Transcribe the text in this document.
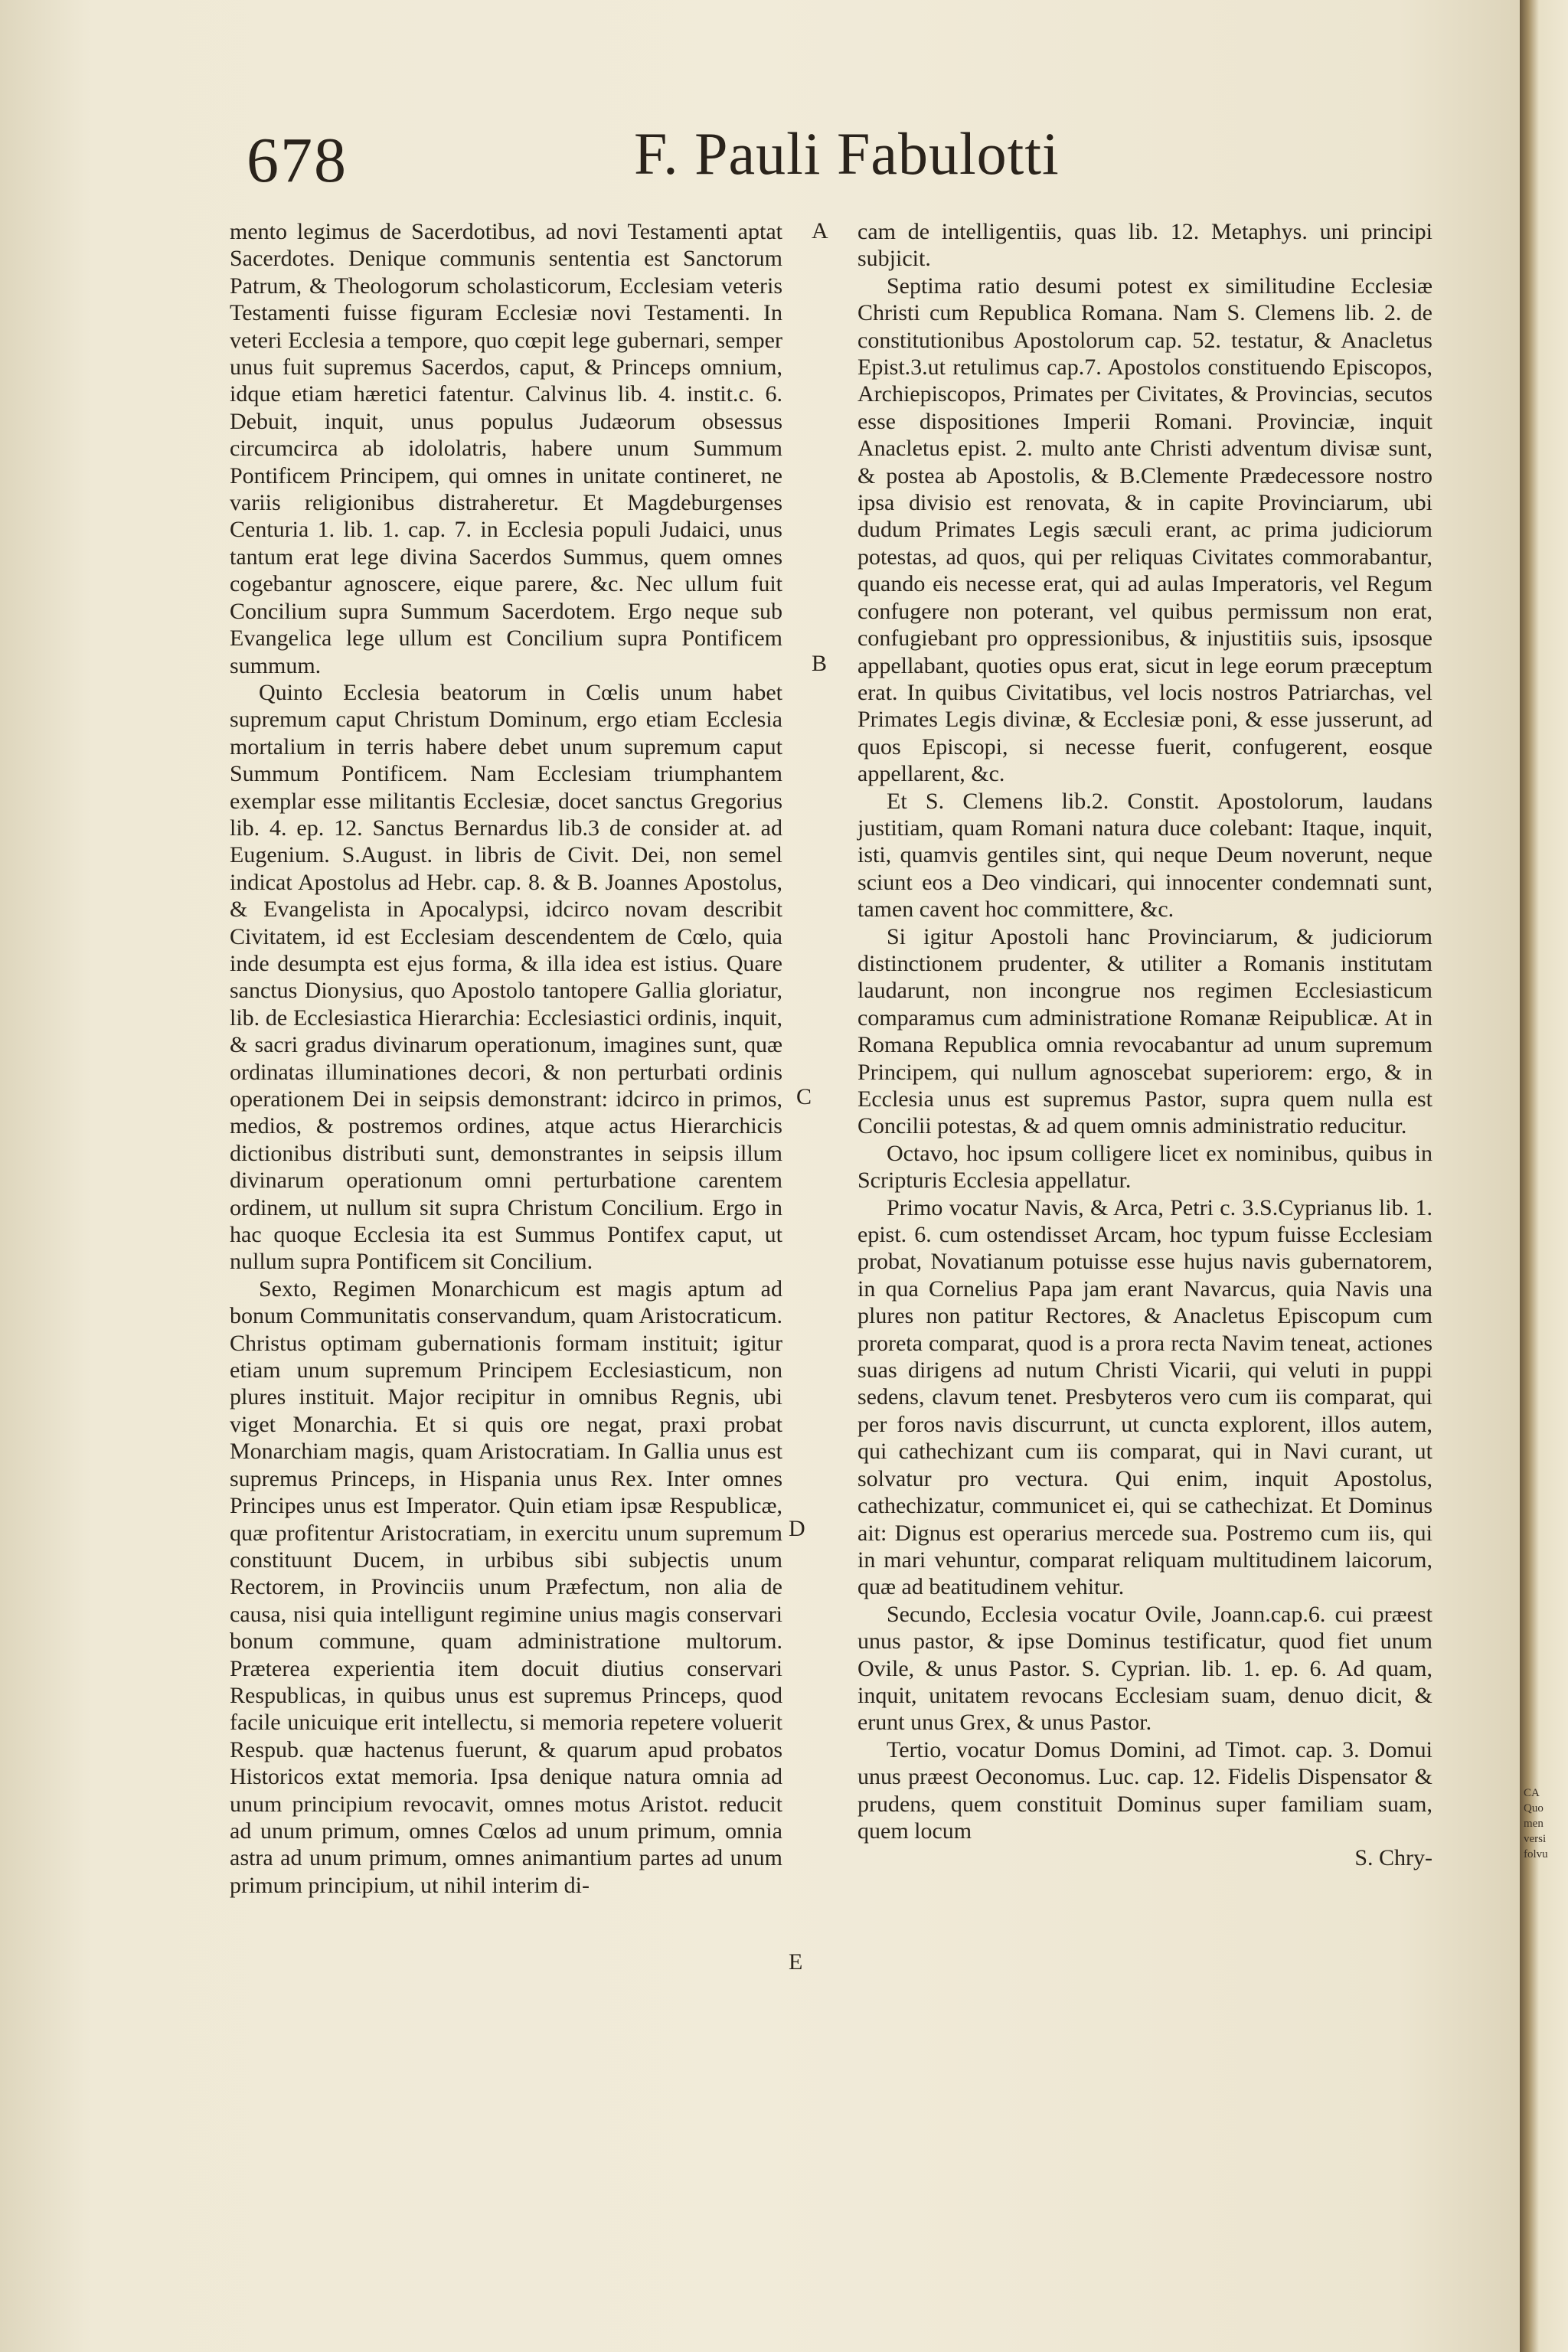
678	F. Pauli Fabulotti

mento legimus de Sacerdotibus, ad novi Testamenti aptat Sacerdotes. Denique communis sententia est Sanctorum Patrum, & Theologorum scholasticorum, Ecclesiam veteris Testamenti fuisse figuram Ecclesiæ novi Testamenti. In veteri Ecclesia a tempore, quo cœpit lege gubernari, semper unus fuit supremus Sacerdos, caput, & Princeps omnium, idque etiam hæretici fatentur. Calvinus lib. 4. instit.c. 6. Debuit, inquit, unus populus Judæorum obsessus circumcirca ab idololatris, habere unum Summum Pontificem Principem, qui omnes in unitate contineret, ne variis religionibus distraheretur. Et Magdeburgenses Centuria 1. lib. 1. cap. 7. in Ecclesia populi Judaici, unus tantum erat lege divina Sacerdos Summus, quem omnes cogebantur agnoscere, eique parere, &c. Nec ullum fuit Concilium supra Summum Sacerdotem. Ergo neque sub Evangelica lege ullum est Concilium supra Pontificem summum.

Quinto Ecclesia beatorum in Cœlis unum habet supremum caput Christum Dominum, ergo etiam Ecclesia mortalium in terris habere debet unum supremum caput Summum Pontificem. Nam Ecclesiam triumphantem exemplar esse militantis Ecclesiæ, docet sanctus Gregorius lib. 4. ep. 12. Sanctus Bernardus lib.3 de consider at. ad Eugenium. S.August. in libris de Civit. Dei, non semel indicat Apostolus ad Hebr. cap. 8. & B. Joannes Apostolus, & Evangelista in Apocalypsi, idcirco novam describit Civitatem, id est Ecclesiam descendentem de Cœlo, quia inde desumpta est ejus forma, & illa idea est istius. Quare sanctus Dionysius, quo Apostolo tantopere Gallia gloriatur, lib. de Ecclesiastica Hierarchia: Ecclesiastici ordinis, inquit, & sacri gradus divinarum operationum, imagines sunt, quæ ordinatas illuminationes decori, & non perturbati ordinis operationem Dei in seipsis demonstrant: idcirco in primos, medios, & postremos ordines, atque actus Hierarchicis dictionibus distributi sunt, demonstrantes in seipsis illum divinarum operationum omni perturbatione carentem ordinem, ut nullum sit supra Christum Concilium. Ergo in hac quoque Ecclesia ita est Summus Pontifex caput, ut nullum supra Pontificem sit Concilium.

Sexto, Regimen Monarchicum est magis aptum ad bonum Communitatis conservandum, quam Aristocraticum. Christus optimam gubernationis formam instituit; igitur etiam unum supremum Principem Ecclesiasticum, non plures instituit. Major recipitur in omnibus Regnis, ubi viget Monarchia. Et si quis ore negat, praxi probat Monarchiam magis, quam Aristocratiam. In Gallia unus est supremus Princeps, in Hispania unus Rex. Inter omnes Principes unus est Imperator. Quin etiam ipsæ Respublicæ, quæ profitentur Aristocratiam, in exercitu unum supremum constituunt Ducem, in urbibus sibi subjectis unum Rectorem, in Provinciis unum Præfectum, non alia de causa, nisi quia intelligunt regimine unius magis conservari bonum commune, quam administratione multorum. Præterea experientia item docuit diutius conservari Respublicas, in quibus unus est supremus Princeps, quod facile unicuique erit intellectu, si memoria repetere voluerit Respub. quæ hactenus fuerunt, & quarum apud probatos Historicos extat memoria. Ipsa denique natura omnia ad unum principium revocavit, omnes motus Aristot. reducit ad unum primum, omnes Cœlos ad unum primum, omnia astra ad unum primum, omnes animantium partes ad unum primum principium, ut nihil interim di-

A
B
C
D
E

cam de intelligentiis, quas lib. 12. Metaphys. uni principi subjicit.

Septima ratio desumi potest ex similitudine Ecclesiæ Christi cum Republica Romana. Nam S. Clemens lib. 2. de constitutionibus Apostolorum cap. 52. testatur, & Anacletus Epist.3.ut retulimus cap.7. Apostolos constituendo Episcopos, Archiepiscopos, Primates per Civitates, & Provincias, secutos esse dispositiones Imperii Romani. Provinciæ, inquit Anacletus epist. 2. multo ante Christi adventum divisæ sunt, & postea ab Apostolis, & B.Clemente Prædecessore nostro ipsa divisio est renovata, & in capite Provinciarum, ubi dudum Primates Legis sæculi erant, ac prima judiciorum potestas, ad quos, qui per reliquas Civitates commorabantur, quando eis necesse erat, qui ad aulas Imperatoris, vel Regum confugere non poterant, vel quibus permissum non erat, confugiebant pro oppressionibus, & injustitiis suis, ipsosque appellabant, quoties opus erat, sicut in lege eorum præceptum erat. In quibus Civitatibus, vel locis nostros Patriarchas, vel Primates Legis divinæ, & Ecclesiæ poni, & esse jusserunt, ad quos Episcopi, si necesse fuerit, confugerent, eosque appellarent, &c.

Et S. Clemens lib.2. Constit. Apostolorum, laudans justitiam, quam Romani natura duce colebant: Itaque, inquit, isti, quamvis gentiles sint, qui neque Deum noverunt, neque sciunt eos a Deo vindicari, qui innocenter condemnati sunt, tamen cavent hoc committere, &c.

Si igitur Apostoli hanc Provinciarum, & judiciorum distinctionem prudenter, & utiliter a Romanis institutam laudarunt, non incongrue nos regimen Ecclesiasticum comparamus cum administratione Romanæ Reipublicæ. At in Romana Republica omnia revocabantur ad unum supremum Principem, qui nullum agnoscebat superiorem: ergo, & in Ecclesia unus est supremus Pastor, supra quem nulla est Concilii potestas, & ad quem omnis administratio reducitur.

Octavo, hoc ipsum colligere licet ex nominibus, quibus in Scripturis Ecclesia appellatur.

Primo vocatur Navis, & Arca, Petri c. 3.S.Cyprianus lib. 1. epist. 6. cum ostendisset Arcam, hoc typum fuisse Ecclesiam probat, Novatianum potuisse esse hujus navis gubernatorem, in qua Cornelius Papa jam erant Navarcus, quia Navis una plures non patitur Rectores, & Anacletus Episcopum cum proreta comparat, quod is a prora recta Navim teneat, actiones suas dirigens ad nutum Christi Vicarii, qui veluti in puppi sedens, clavum tenet. Presbyteros vero cum iis comparat, qui per foros navis discurrunt, ut cuncta explorent, illos autem, qui cathechizant cum iis comparat, qui in Navi curant, ut solvatur pro vectura. Qui enim, inquit Apostolus, cathechizatur, communicet ei, qui se cathechizat. Et Dominus ait: Dignus est operarius mercede sua. Postremo cum iis, qui in mari vehuntur, comparat reliquam multitudinem laicorum, quæ ad beatitudinem vehitur.

Secundo, Ecclesia vocatur Ovile, Joann.cap.6. cui præest unus pastor, & ipse Dominus testificatur, quod fiet unum Ovile, & unus Pastor. S. Cyprian. lib. 1. ep. 6. Ad quam, inquit, unitatem revocans Ecclesiam suam, denuo dicit, & erunt unus Grex, & unus Pastor.

Tertio, vocatur Domus Domini, ad Timot. cap. 3. Domui unus præest Oeconomus. Luc. cap. 12. Fidelis Dispensator & prudens, quem constituit Dominus super familiam suam, quem locum

S. Chry-

CA
Quo
men
versi
folvu
